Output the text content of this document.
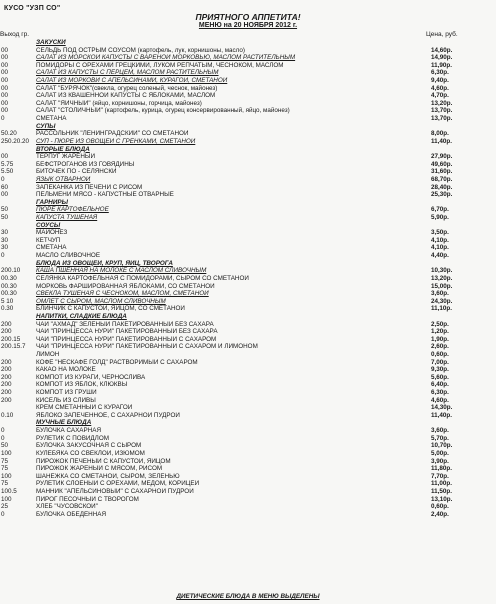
КУСО "УЗП СО"
ПРИЯТНОГО АППЕТИТА!
МЕНЮ на 20 НОЯБРЯ 2012 г.
Выход гр.	Цена, руб.
ЗАКУСКИ
00	СЕЛЬДЬ ПОД ОСТРЫМ СОУСОМ (картофель, лук, корнишоны, масло)	14,60р.
00	САЛАТ ИЗ МОРСКОЙ КАПУСТЫ С ВАРЕНОЙ МОРКОВЬЮ, МАСЛОМ РАСТИТЕЛЬНЫМ	14,90р.
00	ПОМИДОРЫ С ОРЕХАМИ ГРЕЦКИМИ, ЛУКОМ РЕПЧАТЫМ, ЧЕСНОКОМ, МАСЛОМ	11,90р.
00	САЛАТ ИЗ КАПУСТЫ С ПЕРЦЕМ, МАСЛОМ РАСТИТЕЛЬНЫМ	6,30р.
00	САЛАТ ИЗ МОРКОВИ С АПЕЛЬСИНАМИ, КУРАГОЙ, СМЕТАНОЙ	9,40р.
00	САЛАТ "БУРЯЧОК"(свекла, огурец соленый, чеснок, майонез)	4,60р.
00	САЛАТ ИЗ КВАШЕННОЙ КАПУСТЫ С ЯБЛОКАМИ, МАСЛОМ	4,70р.
00	САЛАТ "ЯИЧНЫЙ" (яйцо, корнишоны, горчица, майонез)	13,20р.
00	САЛАТ "СТОЛИЧНЫЙ" (картофель, курица, огурец консервированный, яйцо, майонез)	13,70р.
0	СМЕТАНА	13,70р.
СУПЫ
50.20	РАССОЛЬНИК "ЛЕНИНГРАДСКИЙ" СО СМЕТАНОЙ	8,00р.
250.20.20	СУП - ПЮРЕ ИЗ ОВОЩЕЙ С ГРЕНКАМИ, СМЕТАНОЙ	11,40р.
ВТОРЫЕ БЛЮДА
00	ТЕРПУГ ЖАРЕНЫЙ	27,90р.
5.75	БЕФСТРОГАНОВ ИЗ ГОВЯДИНЫ	49,60р.
5.50	БИТОЧЕК ПО - СЕЛЯНСКИ	31,60р.
0	ЯЗЫК ОТВАРНОЙ	68,70р.
60	ЗАПЕКАНКА ИЗ ПЕЧЕНИ С РИСОМ	28,40р.
00	ПЕЛЬМЕНИ МЯСО - КАПУСТНЫЕ ОТВАРНЫЕ	25,30р.
ГАРНИРЫ
50	ПЮРЕ КАРТОФЕЛЬНОЕ	6,70р.
50	КАПУСТА ТУШЕНАЯ	5,90р.
СОУСЫ
30	МАЙОНЕЗ	3,50р.
30	КЕТЧУП	4,10р.
30	СМЕТАНА	4,10р.
0	МАСЛО СЛИВОЧНОЕ	4,40р.
БЛЮДА ИЗ ОВОЩЕЙ, КРУП, ЯИЦ, ТВОРОГА
200.10	КАША ПШЕННАЯ НА МОЛОКЕ С МАСЛОМ СЛИВОЧНЫМ	10,30р.
00.30	СЕЛЯНКА КАРТОФЕЛЬНАЯ С ПОМИДОРАМИ, СЫРОМ СО СМЕТАНОЙ	13,20р.
00.30	МОРКОВЬ ФАРШИРОВАННАЯ ЯБЛОКАМИ, СО СМЕТАНОЙ	15,00р.
00.30	СВЕКЛА ТУШЕНАЯ С ЧЕСНОКОМ, МАСЛОМ, СМЕТАНОЙ	3,60р.
5 10	ОМЛЕТ С СЫРОМ, МАСЛОМ СЛИВОЧНЫМ	24,30р.
0.30	БЛИНЧИК С КАПУСТОЙ, ЯЙЦОМ, СО СМЕТАНОЙ	11,10р.
НАПИТКИ, СЛАДКИЕ БЛЮДА
200	ЧАЙ "АХМАД" ЗЕЛЕНЫЙ ПАКЕТИРОВАННЫЙ БЕЗ САХАРА	2,50р.
200	ЧАЙ "ПРИНЦЕССА НУРИ" ПАКЕТИРОВАННЫЙ БЕЗ САХАРА	1,20р.
200.15	ЧАЙ "ПРИНЦЕССА НУРИ" ПАКЕТИРОВАННЫЙ С САХАРОМ	1,90р.
200.15.7	ЧАЙ "ПРИНЦЕССА НУРИ" ПАКЕТИРОВАННЫЙ С САХАРОМ И ЛИМОНОМ	2,60р.
ЛИМОН	0,60р.
200	КОФЕ "НЕСКАФЕ ГОЛД" РАСТВОРИМЫЙ С САХАРОМ	7,00р.
200	КАКАО НА МОЛОКЕ	9,30р.
200	КОМПОТ ИЗ КУРАГИ, ЧЕРНОСЛИВА	5,60р.
200	КОМПОТ ИЗ ЯБЛОК, КЛЮКВЫ	6,40р.
200	КОМПОТ ИЗ ГРУШИ	6,30р.
200	КИСЕЛЬ ИЗ СЛИВЫ	4,60р.
КРЕМ СМЕТАННЫЙ С КУРАГОЙ	14,30р.
0.10	ЯБЛОКО ЗАПЕЧЕННОЕ, С САХАРНОЙ ПУДРОЙ	11,40р.
МУЧНЫЕ БЛЮДА
0	БУЛОЧКА САХАРНАЯ	3,60р.
0	РУЛЕТИК С ПОВИДЛОМ	5,70р.
50	БУЛОЧКА ЗАКУСОЧНАЯ С СЫРОМ	10,70р.
100	КУЛЕБЯКА СО СВЕКЛОЙ, ИЗЮМОМ	5,00р.
75	ПИРОЖОК ПЕЧЕНЫЙ С КАПУСТОЙ, ЯЙЦОМ	3,90р.
75	ПИРОЖОК ЖАРЕНЫЙ С МЯСОМ, РИСОМ	11,80р.
100	ШАНЕЖКА СО СМЕТАНОЙ, СЫРОМ, ЗЕЛЕНЬЮ	7,70р.
75	РУЛЕТИК СЛОЕНЫЙ С ОРЕХАМИ, МЕДОМ, КОРИЦЕЙ	11,00р.
100.5	МАННИК "АПЕЛЬСИНОВЫЙ" С САХАРНОЙ ПУДРОЙ	11,50р.
100	ПИРОГ ПЕСОЧНЫЙ С ТВОРОГОМ	13,10р.
25	ХЛЕБ "ЧУСОВСКОЙ"	0,60р.
0	БУЛОЧКА ОБЕДЕННАЯ	2,40р.
ДИЕТИЧЕСКИЕ БЛЮДА В МЕНЮ ВЫДЕЛЕНЫ
